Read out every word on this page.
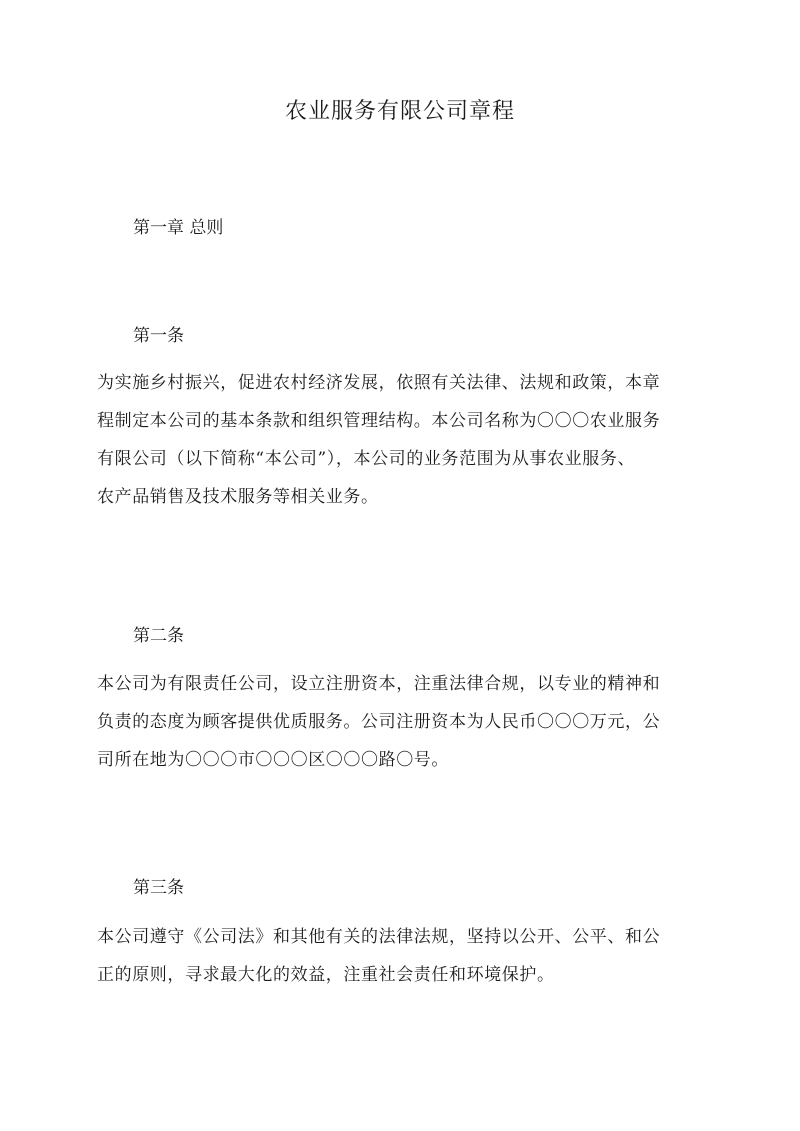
农业服务有限公司章程
第一章 总则
第一条

为实施乡村振兴，促进农村经济发展，依照有关法律、法规和政策，本章
程制定本公司的基本条款和组织管理结构。本公司名称为〇〇〇农业服务
有限公司（以下简称“本公司”），本公司的业务范围为从事农业服务、
农产品销售及技术服务等相关业务。

第二条

本公司为有限责任公司，设立注册资本，注重法律合规，以专业的精神和
负责的态度为顾客提供优质服务。公司注册资本为人民币〇〇〇万元，公
司所在地为〇〇〇市〇〇〇区〇〇〇路〇号。

第三条

本公司遵守《公司法》和其他有关的法律法规，坚持以公开、公平、和公
正的原则，寻求最大化的效益，注重社会责任和环境保护。
